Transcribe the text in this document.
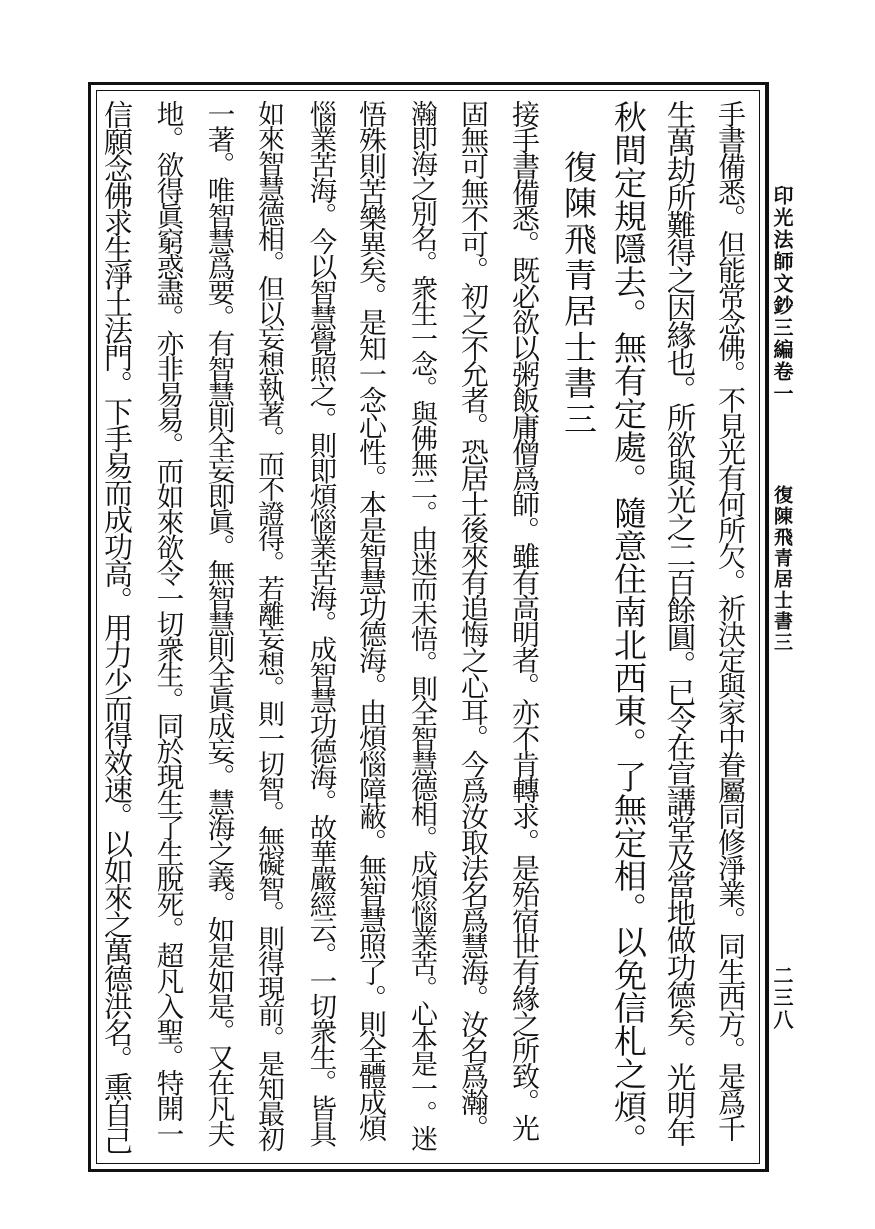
印光法師文鈔三編卷一
復陳飛青居士書三
二三八
手書備悉。但能常念佛。不見光有何所欠。祈決定與家中眷屬同修淨業。同生西方。是爲千
生萬劫所難得之因緣也。所欲與光之二百餘圓。已令在宣講堂及當地做功德矣。光明年
秋間定規隱去。無有定處。隨意住南北西東。了無定相。以免信札之煩。
復陳飛青居士書三
接手書備悉。既必欲以粥飯庸僧爲師。雖有高明者。亦不肯轉求。是殆宿世有緣之所致。光
固無可無不可。初之不允者。恐居士後來有追悔之心耳。今爲汝取法名爲慧海。汝名爲瀚。
瀚即海之別名。衆生一念。與佛無二。由迷而未悟。則全智慧德相。成煩惱業苦。心本是一。迷
悟殊則苦樂異矣。是知一念心性。本是智慧功德海。由煩惱障蔽。無智慧照了。則全體成煩
惱業苦海。今以智慧覺照之。則即煩惱業苦海。成智慧功德海。故華嚴經云。一切衆生。皆具
如來智慧德相。但以妄想執著。而不證得。若離妄想。則一切智。無礙智。則得現前。是知最初
一著。唯智慧爲要。有智慧則全妄即眞。無智慧則全眞成妄。慧海之義。如是如是。又在凡夫
地。欲得眞窮惑盡。亦非易易。而如來欲令一切衆生。同於現生了生脫死。超凡入聖。特開一
信願念佛求生淨土法門。下手易而成功高。用力少而得效速。以如來之萬德洪名。熏自己
